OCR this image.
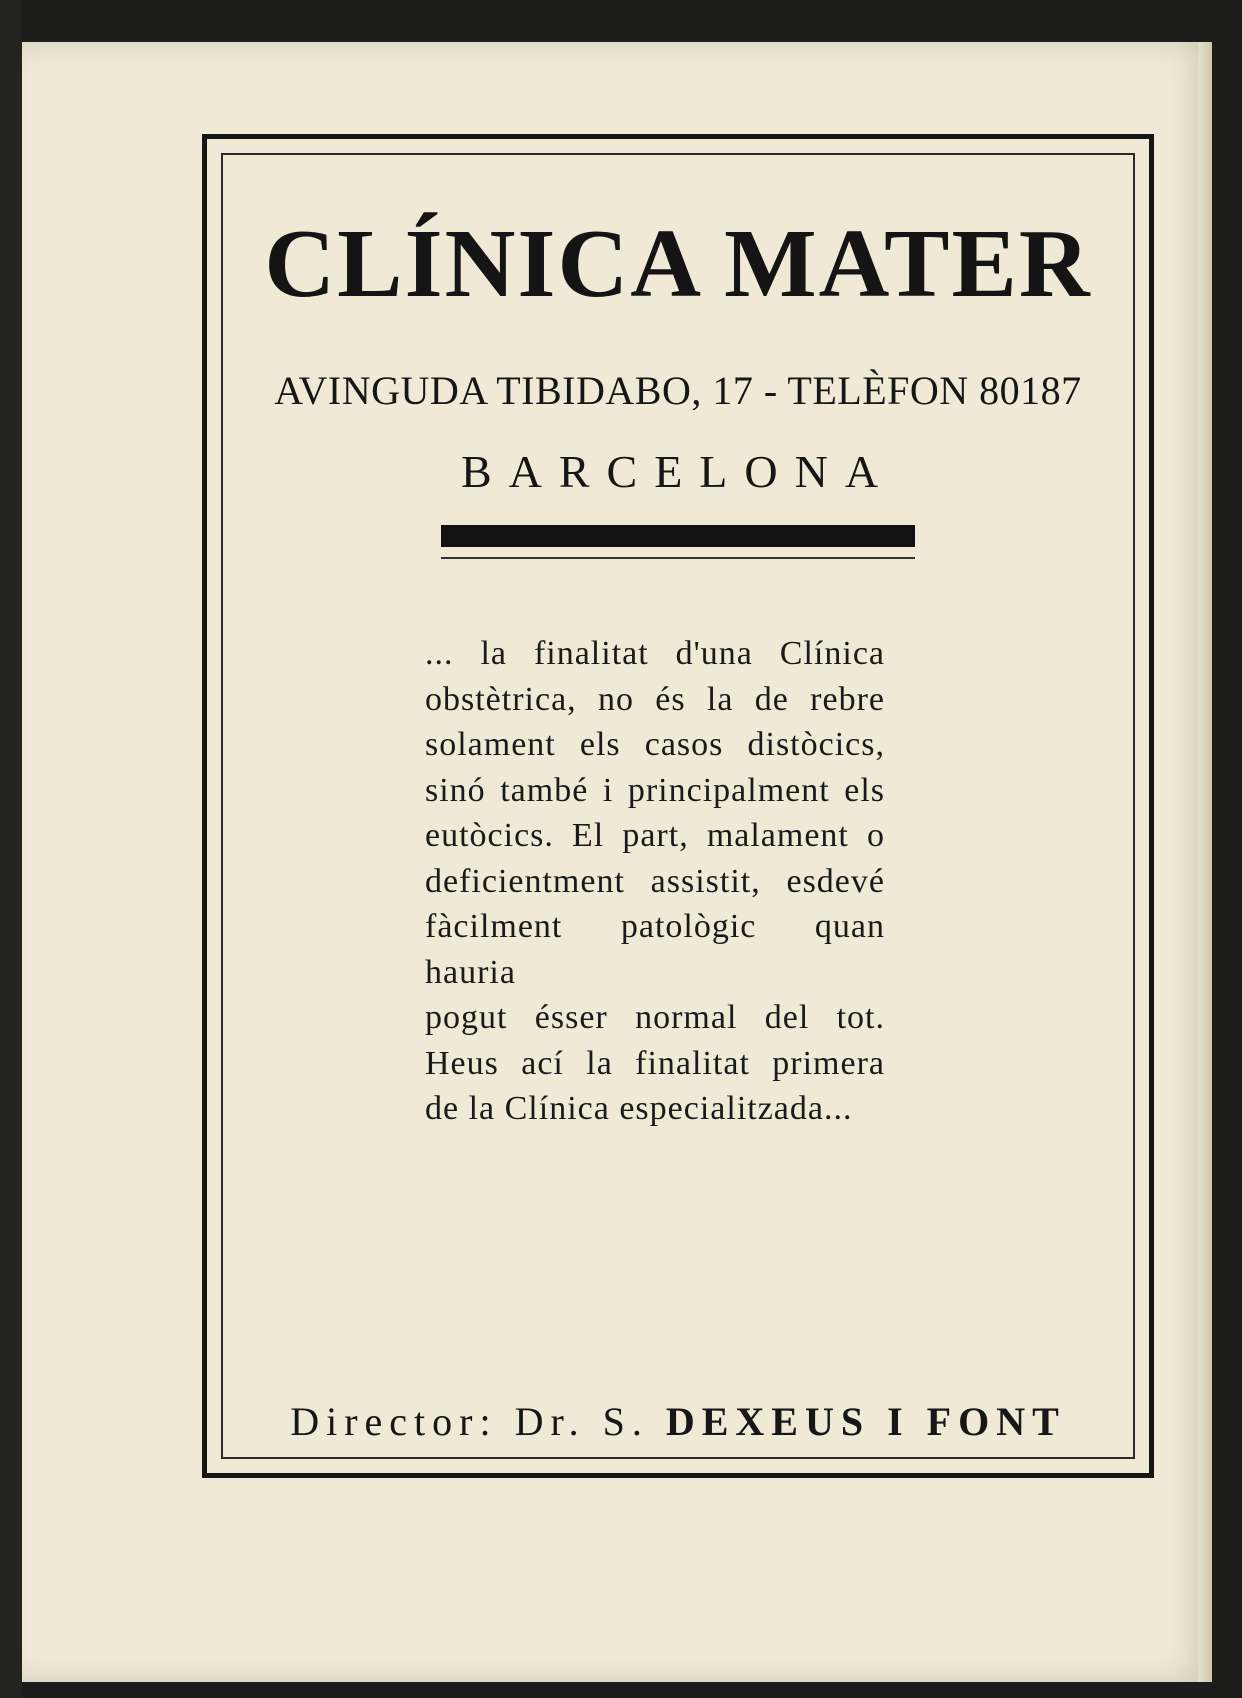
CLÍNICA MATER
AVINGUDA TIBIDABO, 17 - TELÈFON 80187
BARCELONA
... la finalitat d'una Clínica
obstètrica, no és la de rebre
solament els casos distòcics,
sinó també i principalment els
eutòcics. El part, malament o
deficientment assistit, esdevé
fàcilment patològic quan hauria
pogut ésser normal del tot.
Heus ací la finalitat primera
de la Clínica especialitzada...
Director: Dr. S. DEXEUS I FONT
